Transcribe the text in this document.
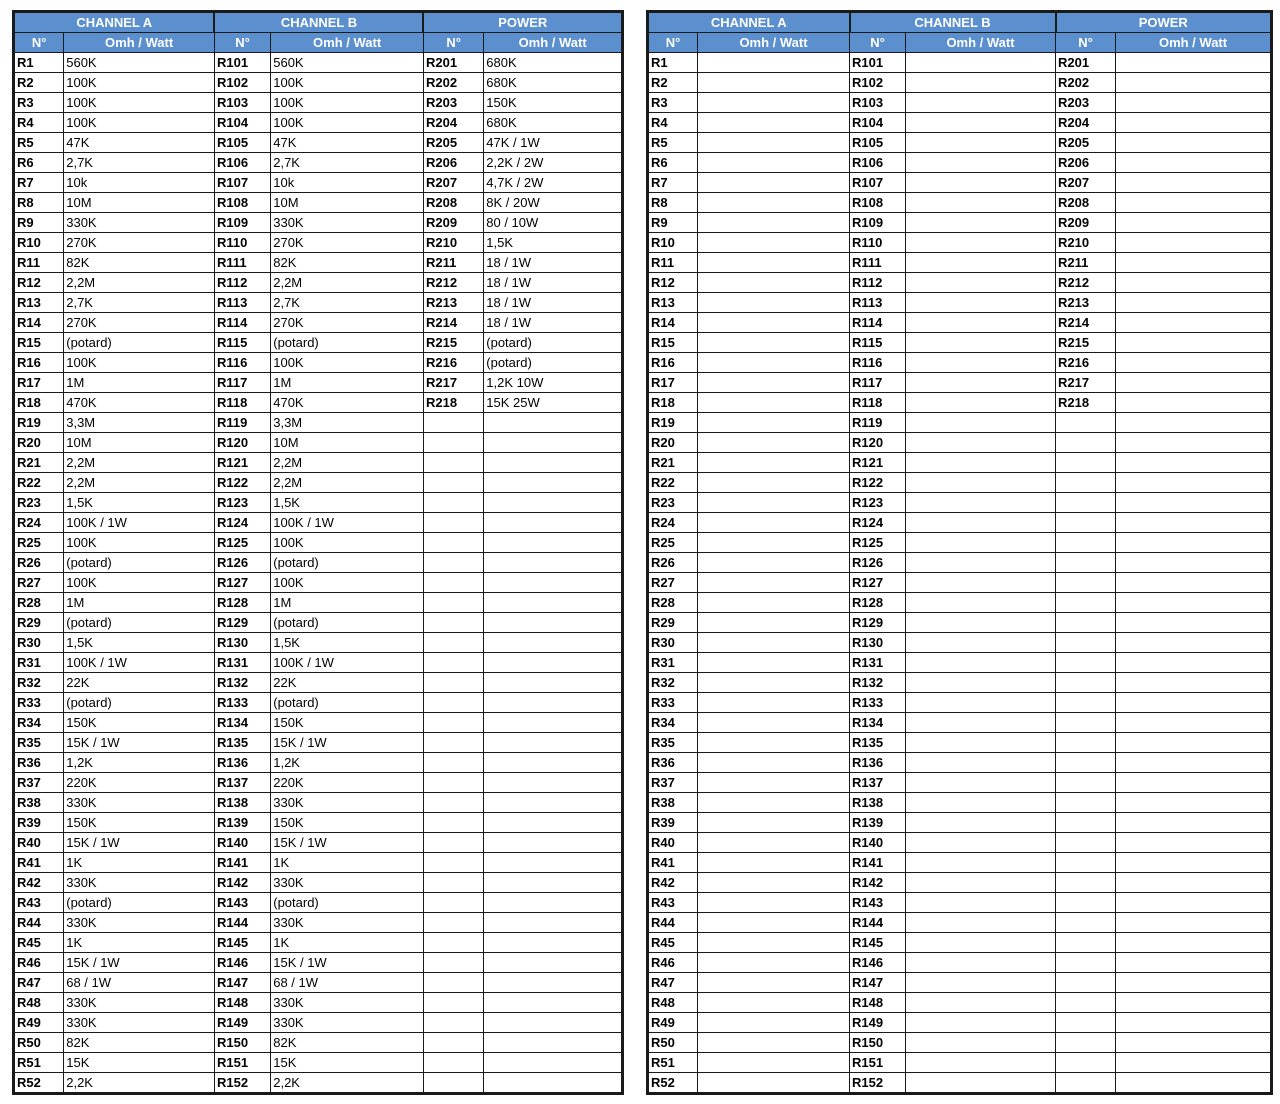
CHANNEL A		CHANNEL B		POWER	
N°	Omh / Watt	N°	Omh / Watt	N°	Omh / Watt
R1	560K	R101	560K	R201	680K
R2	100K	R102	100K	R202	680K
R3	100K	R103	100K	R203	150K
R4	100K	R104	100K	R204	680K
R5	47K	R105	47K	R205	47K / 1W
R6	2,7K	R106	2,7K	R206	2,2K / 2W
R7	10k	R107	10k	R207	4,7K / 2W
R8	10M	R108	10M	R208	8K / 20W
R9	330K	R109	330K	R209	80 / 10W
R10	270K	R110	270K	R210	1,5K
R11	82K	R111	82K	R211	18 / 1W
R12	2,2M	R112	2,2M	R212	18 / 1W
R13	2,7K	R113	2,7K	R213	18 / 1W
R14	270K	R114	270K	R214	18 / 1W
R15	(potard)	R115	(potard)	R215	(potard)
R16	100K	R116	100K	R216	(potard)
R17	1M	R117	1M	R217	1,2K 10W
R18	470K	R118	470K	R218	15K 25W
R19	3,3M	R119	3,3M		
R20	10M	R120	10M		
R21	2,2M	R121	2,2M		
R22	2,2M	R122	2,2M		
R23	1,5K	R123	1,5K		
R24	100K / 1W	R124	100K / 1W		
R25	100K	R125	100K		
R26	(potard)	R126	(potard)		
R27	100K	R127	100K		
R28	1M	R128	1M		
R29	(potard)	R129	(potard)		
R30	1,5K	R130	1,5K		
R31	100K / 1W	R131	100K / 1W		
R32	22K	R132	22K		
R33	(potard)	R133	(potard)		
R34	150K	R134	150K		
R35	15K / 1W	R135	15K / 1W		
R36	1,2K	R136	1,2K		
R37	220K	R137	220K		
R38	330K	R138	330K		
R39	150K	R139	150K		
R40	15K / 1W	R140	15K / 1W		
R41	1K	R141	1K		
R42	330K	R142	330K		
R43	(potard)	R143	(potard)		
R44	330K	R144	330K		
R45	1K	R145	1K		
R46	15K / 1W	R146	15K / 1W		
R47	68 / 1W	R147	68 / 1W		
R48	330K	R148	330K		
R49	330K	R149	330K		
R50	82K	R150	82K		
R51	15K	R151	15K		
R52	2,2K	R152	2,2K		
CHANNEL A		CHANNEL B		POWER	
N°	Omh / Watt	N°	Omh / Watt	N°	Omh / Watt
R1		R101		R201	
R2		R102		R202	
R3		R103		R203	
R4		R104		R204	
R5		R105		R205	
R6		R106		R206	
R7		R107		R207	
R8		R108		R208	
R9		R109		R209	
R10		R110		R210	
R11		R111		R211	
R12		R112		R212	
R13		R113		R213	
R14		R114		R214	
R15		R115		R215	
R16		R116		R216	
R17		R117		R217	
R18		R118		R218	
R19		R119			
R20		R120			
R21		R121			
R22		R122			
R23		R123			
R24		R124			
R25		R125			
R26		R126			
R27		R127			
R28		R128			
R29		R129			
R30		R130			
R31		R131			
R32		R132			
R33		R133			
R34		R134			
R35		R135			
R36		R136			
R37		R137			
R38		R138			
R39		R139			
R40		R140			
R41		R141			
R42		R142			
R43		R143			
R44		R144			
R45		R145			
R46		R146			
R47		R147			
R48		R148			
R49		R149			
R50		R150			
R51		R151			
R52		R152			
